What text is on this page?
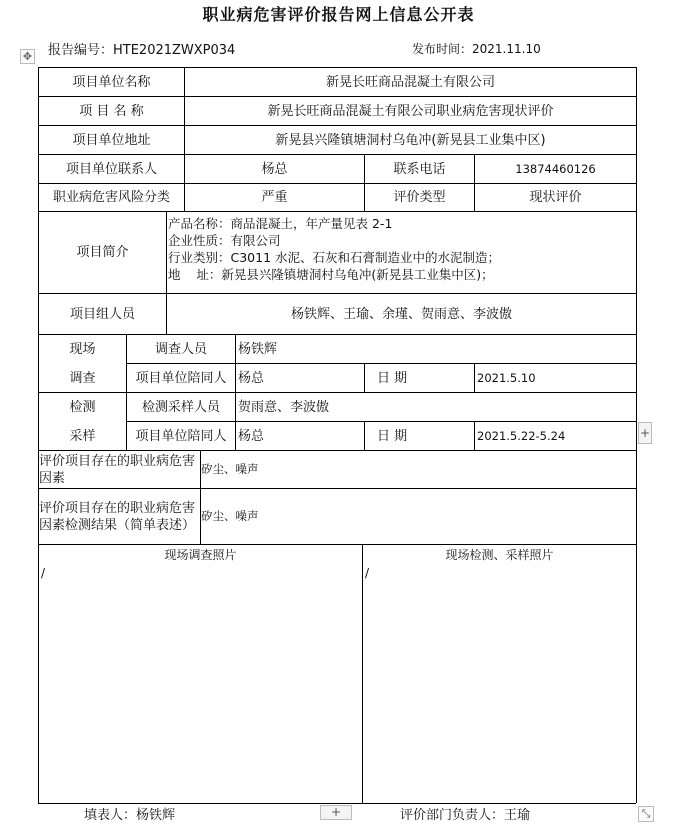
职业病危害评价报告网上信息公开表
报告编号：HTE2021ZWXP034	发布时间：2021.11.10
✥
项目单位名称	新晃长旺商品混凝土有限公司
项 目 名 称	新晃长旺商品混凝土有限公司职业病危害现状评价
项目单位地址	新晃县兴隆镇塘洞村乌龟冲(新晃县工业集中区)
项目单位联系人	杨总	联系电话	13874460126
职业病危害风险分类	严重	评价类型	现状评价
项目简介
产品名称：商品混凝土，年产量见表 2-1
企业性质：有限公司
行业类别：C3011 水泥、石灰和石膏制造业中的水泥制造；
地    址：新晃县兴隆镇塘洞村乌龟冲(新晃县工业集中区)；
项目组人员	杨铁辉、王瑜、余瑾、贺雨意、李波傲
现场
调查
调查人员	杨铁辉
项目单位陪同人 杨总	日 期	2021.5.10
检测
采样
检测采样人员	贺雨意、李波傲
项目单位陪同人 杨总	日 期	2021.5.22-5.24
评价项目存在的职业病危害因素
矽尘、噪声
评价项目存在的职业病危害因素检测结果（简单表述）
矽尘、噪声
现场调查照片	现场检测、采样照片
/	/
+
+	⤡
填表人：杨铁辉	评价部门负责人：王瑜
